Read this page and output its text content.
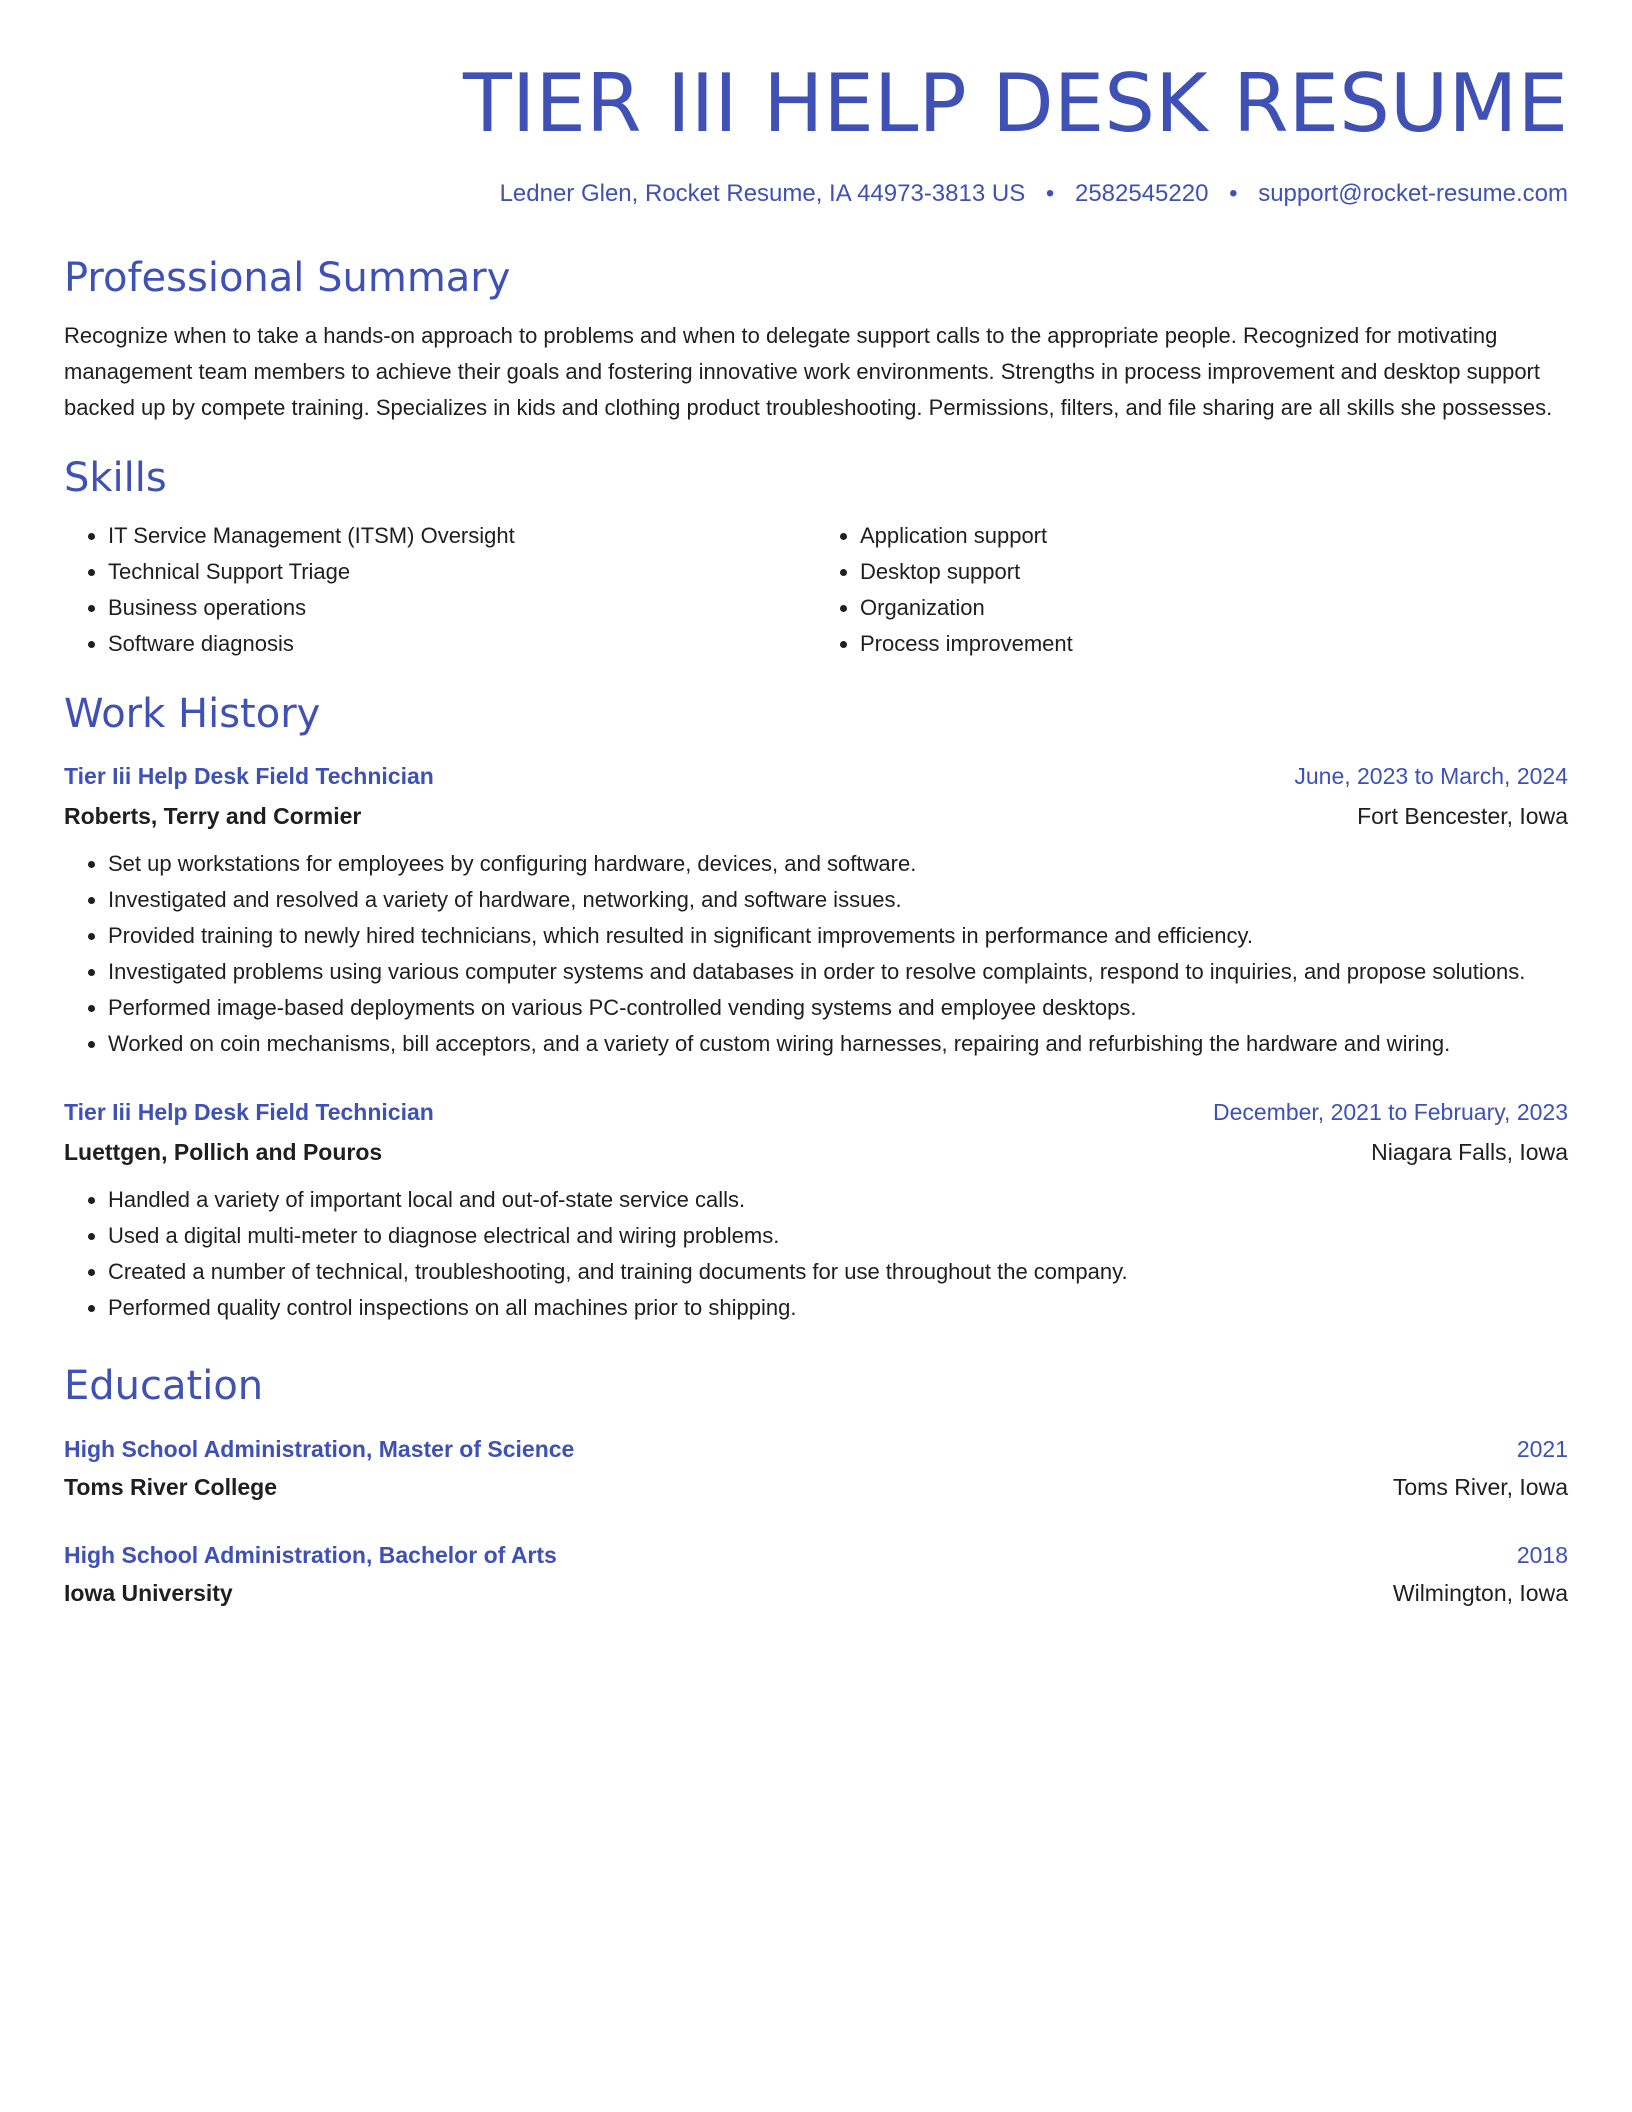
TIER III HELP DESK RESUME
Ledner Glen, Rocket Resume, IA 44973-3813 US • 2582545220 • support@rocket-resume.com
Professional Summary

Recognize when to take a hands-on approach to problems and when to delegate support calls to the appropriate people. Recognized for motivating management team members to achieve their goals and fostering innovative work environments. Strengths in process improvement and desktop support backed up by compete training. Specializes in kids and clothing product troubleshooting. Permissions, filters, and file sharing are all skills she possesses.

Skills
• IT Service Management (ITSM) Oversight
• Technical Support Triage
• Business operations
• Software diagnosis
• Application support
• Desktop support
• Organization
• Process improvement
Work History
Tier Iii Help Desk Field Technician	June, 2023 to March, 2024
Roberts, Terry and Cormier	Fort Bencester, Iowa
• Set up workstations for employees by configuring hardware, devices, and software.
• Investigated and resolved a variety of hardware, networking, and software issues.
• Provided training to newly hired technicians, which resulted in significant improvements in performance and efficiency.
• Investigated problems using various computer systems and databases in order to resolve complaints, respond to inquiries, and propose solutions.
• Performed image-based deployments on various PC-controlled vending systems and employee desktops.
• Worked on coin mechanisms, bill acceptors, and a variety of custom wiring harnesses, repairing and refurbishing the hardware and wiring.
Tier Iii Help Desk Field Technician	December, 2021 to February, 2023
Luettgen, Pollich and Pouros	Niagara Falls, Iowa
• Handled a variety of important local and out-of-state service calls.
• Used a digital multi-meter to diagnose electrical and wiring problems.
• Created a number of technical, troubleshooting, and training documents for use throughout the company.
• Performed quality control inspections on all machines prior to shipping.
Education
High School Administration, Master of Science	2021
Toms River College	Toms River, Iowa
High School Administration, Bachelor of Arts	2018
Iowa University	Wilmington, Iowa
